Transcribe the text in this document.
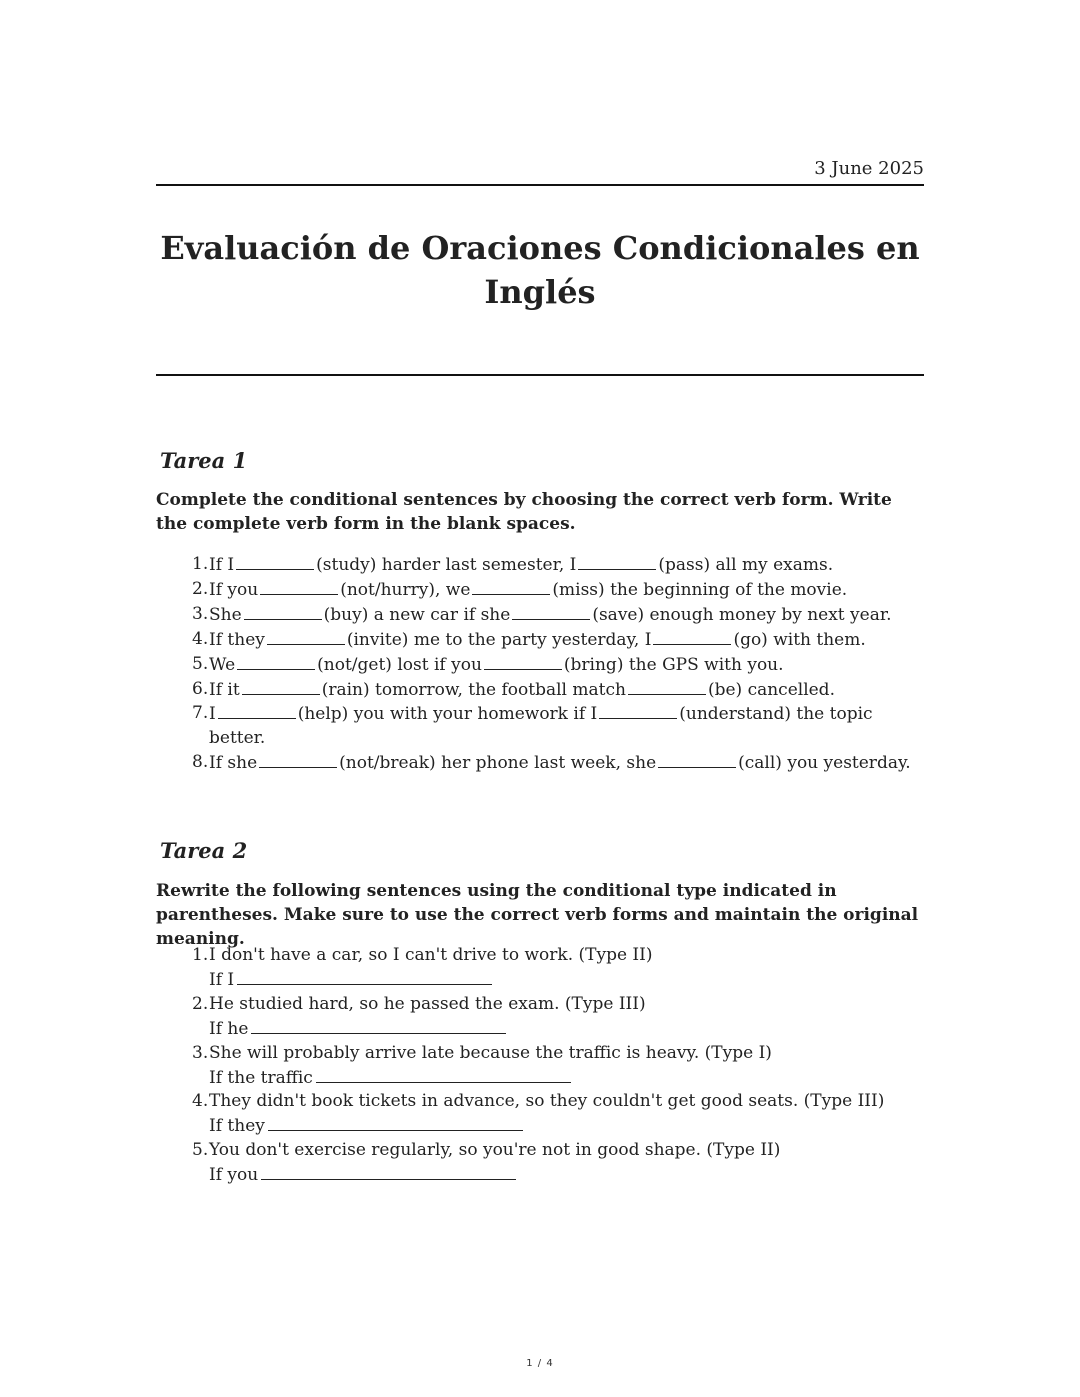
3 June 2025
Evaluación de Oraciones Condicionales en Inglés
Tarea 1

Complete the conditional sentences by choosing the correct verb form. Write the complete verb form in the blank spaces.

1. If I	(study) harder last semester, I	(pass) all my exams.
2. If you	(not/hurry), we	(miss) the beginning of the movie.
3. She	(buy) a new car if she	(save) enough money by next year.
4. If they	(invite) me to the party yesterday, I	(go) with them.
5. We	(not/get) lost if you	(bring) the GPS with you.
6. If it	(rain) tomorrow, the football match	(be) cancelled.
7. I	(help) you with your homework if I	(understand) the topic better.
8. If she	(not/break) her phone last week, she	(call) you yesterday.
Tarea 2

Rewrite the following sentences using the conditional type indicated in parentheses. Make sure to use the correct verb forms and maintain the original meaning.

1. I don't have a car, so I can't drive to work. (Type II)
If I
2. He studied hard, so he passed the exam. (Type III)
If he
3. She will probably arrive late because the traffic is heavy. (Type I)
If the traffic
4. They didn't book tickets in advance, so they couldn't get good seats. (Type III)
If they
5. You don't exercise regularly, so you're not in good shape. (Type II)
If you
1 / 4
